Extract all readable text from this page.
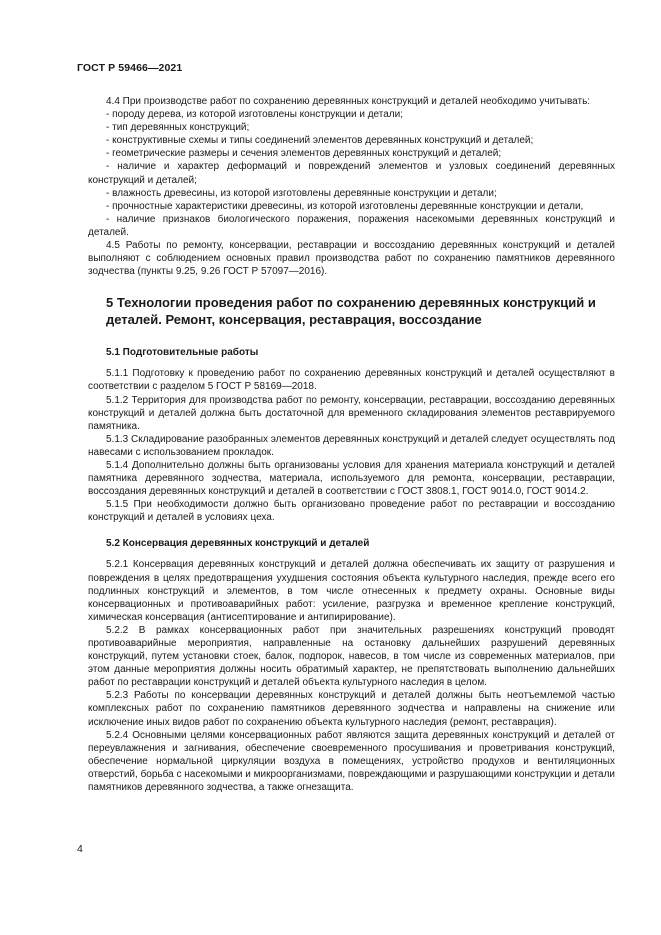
ГОСТ Р 59466—2021

4.4 При производстве работ по сохранению деревянных конструкций и деталей необходимо учитывать:

- породу дерева, из которой изготовлены конструкции и детали;

- тип деревянных конструкций;

- конструктивные схемы и типы соединений элементов деревянных конструкций и деталей;

- геометрические размеры и сечения элементов деревянных конструкций и деталей;

- наличие и характер деформаций и повреждений элементов и узловых соединений деревянных конструкций и деталей;

- влажность древесины, из которой изготовлены деревянные конструкции и детали;

- прочностные характеристики древесины, из которой изготовлены деревянные конструкции и детали,

- наличие признаков биологического поражения, поражения насекомыми деревянных конструкций и деталей.

4.5 Работы по ремонту, консервации, реставрации и воссозданию деревянных конструкций и деталей выполняют с соблюдением основных правил производства работ по сохранению памятников деревянного зодчества (пункты 9.25, 9.26 ГОСТ Р 57097—2016).

5 Технологии проведения работ по сохранению деревянных конструкций и деталей. Ремонт, консервация, реставрация, воссоздание
5.1 Подготовительные работы

5.1.1 Подготовку к проведению работ по сохранению деревянных конструкций и деталей осуществляют в соответствии с разделом 5 ГОСТ Р 58169—2018.

5.1.2 Территория для производства работ по ремонту, консервации, реставрации, воссозданию деревянных конструкций и деталей должна быть достаточной для временного складирования элементов реставрируемого памятника.

5.1.3 Складирование разобранных элементов деревянных конструкций и деталей следует осуществлять под навесами с использованием прокладок.

5.1.4 Дополнительно должны быть организованы условия для хранения материала конструкций и деталей памятника деревянного зодчества, материала, используемого для ремонта, консервации, реставрации, воссоздания деревянных конструкций и деталей в соответствии с ГОСТ 3808.1, ГОСТ 9014.0, ГОСТ 9014.2.

5.1.5 При необходимости должно быть организовано проведение работ по реставрации и воссозданию конструкций и деталей в условиях цеха.

5.2 Консервация деревянных конструкций и деталей

5.2.1 Консервация деревянных конструкций и деталей должна обеспечивать их защиту от разрушения и повреждения в целях предотвращения ухудшения состояния объекта культурного наследия, прежде всего его подлинных конструкций и элементов, в том числе отнесенных к предмету охраны. Основные виды консервационных и противоаварийных работ: усиление, разгрузка и временное крепление конструкций, химическая консервация (антисептирование и антипирирование).

5.2.2 В рамках консервационных работ при значительных разрешениях конструкций проводят противоаварийные мероприятия, направленные на остановку дальнейших разрушений деревянных конструкций, путем установки стоек, балок, подпорок, навесов, в том числе из современных материалов, при этом данные мероприятия должны носить обратимый характер, не препятствовать выполнению дальнейших работ по реставрации конструкций и деталей объекта культурного наследия в целом.

5.2.3 Работы по консервации деревянных конструкций и деталей должны быть неотъемлемой частью комплексных работ по сохранению памятников деревянного зодчества и направлены на снижение или исключение иных видов работ по сохранению объекта культурного наследия (ремонт, реставрация).

5.2.4 Основными целями консервационных работ являются защита деревянных конструкций и деталей от переувлажнения и загнивания, обеспечение своевременного просушивания и проветривания конструкций, обеспечение нормальной циркуляции воздуха в помещениях, устройство продухов и вентиляционных отверстий, борьба с насекомыми и микроорганизмами, повреждающими и разрушающими конструкции и детали памятников деревянного зодчества, а также огнезащита.

4
